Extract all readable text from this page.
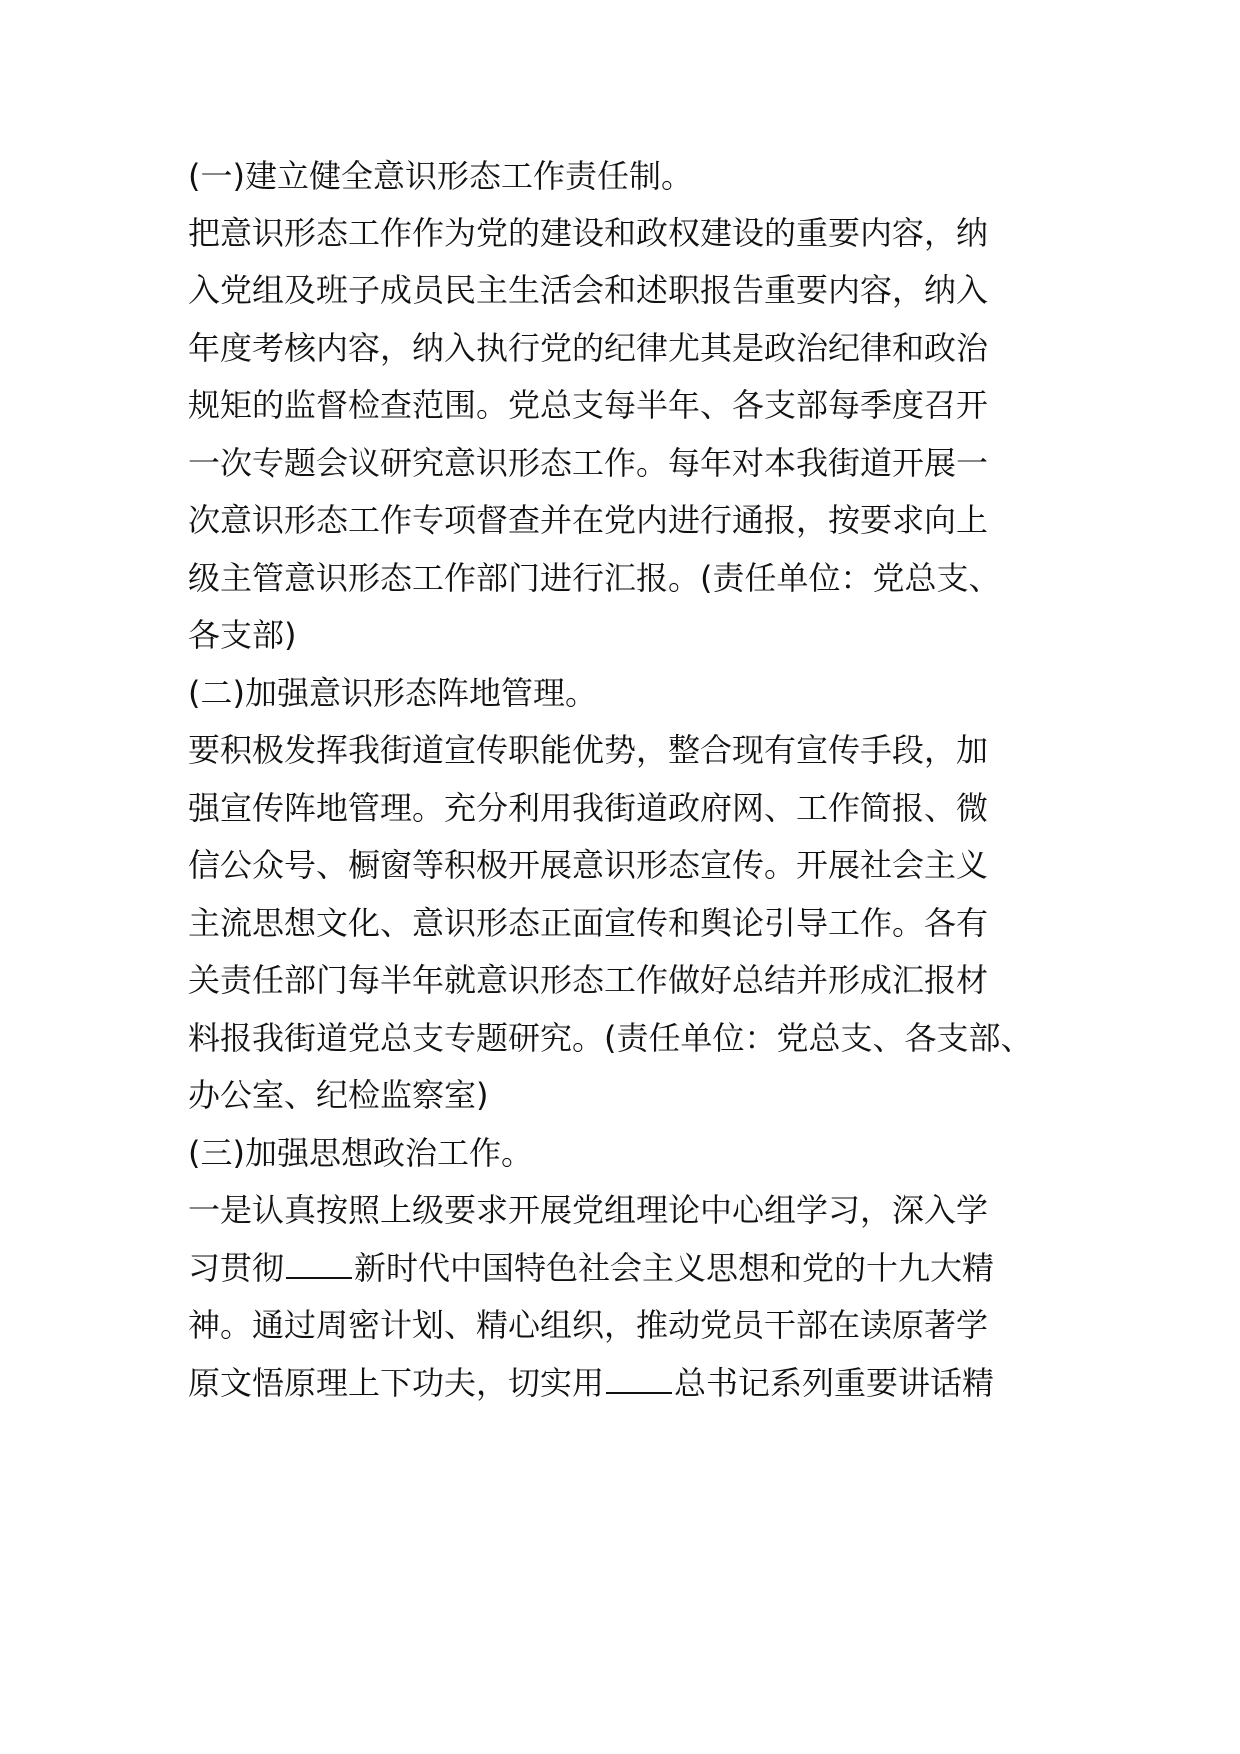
(一)建立健全意识形态工作责任制。

把意识形态工作作为党的建设和政权建设的重要内容，纳

入党组及班子成员民主生活会和述职报告重要内容，纳入

年度考核内容，纳入执行党的纪律尤其是政治纪律和政治

规矩的监督检查范围。党总支每半年、各支部每季度召开

一次专题会议研究意识形态工作。每年对本我街道开展一

次意识形态工作专项督查并在党内进行通报，按要求向上

级主管意识形态工作部门进行汇报。(责任单位：党总支、

各支部)

(二)加强意识形态阵地管理。

要积极发挥我街道宣传职能优势，整合现有宣传手段，加

强宣传阵地管理。充分利用我街道政府网、工作简报、微

信公众号、橱窗等积极开展意识形态宣传。开展社会主义

主流思想文化、意识形态正面宣传和舆论引导工作。各有

关责任部门每半年就意识形态工作做好总结并形成汇报材

料报我街道党总支专题研究。(责任单位：党总支、各支部、

办公室、纪检监察室)

(三)加强思想政治工作。

一是认真按照上级要求开展党组理论中心组学习，深入学

习贯彻 新时代中国特色社会主义思想和党的十九大精

神。通过周密计划、精心组织，推动党员干部在读原著学

原文悟原理上下功夫，切实用 总书记系列重要讲话精
